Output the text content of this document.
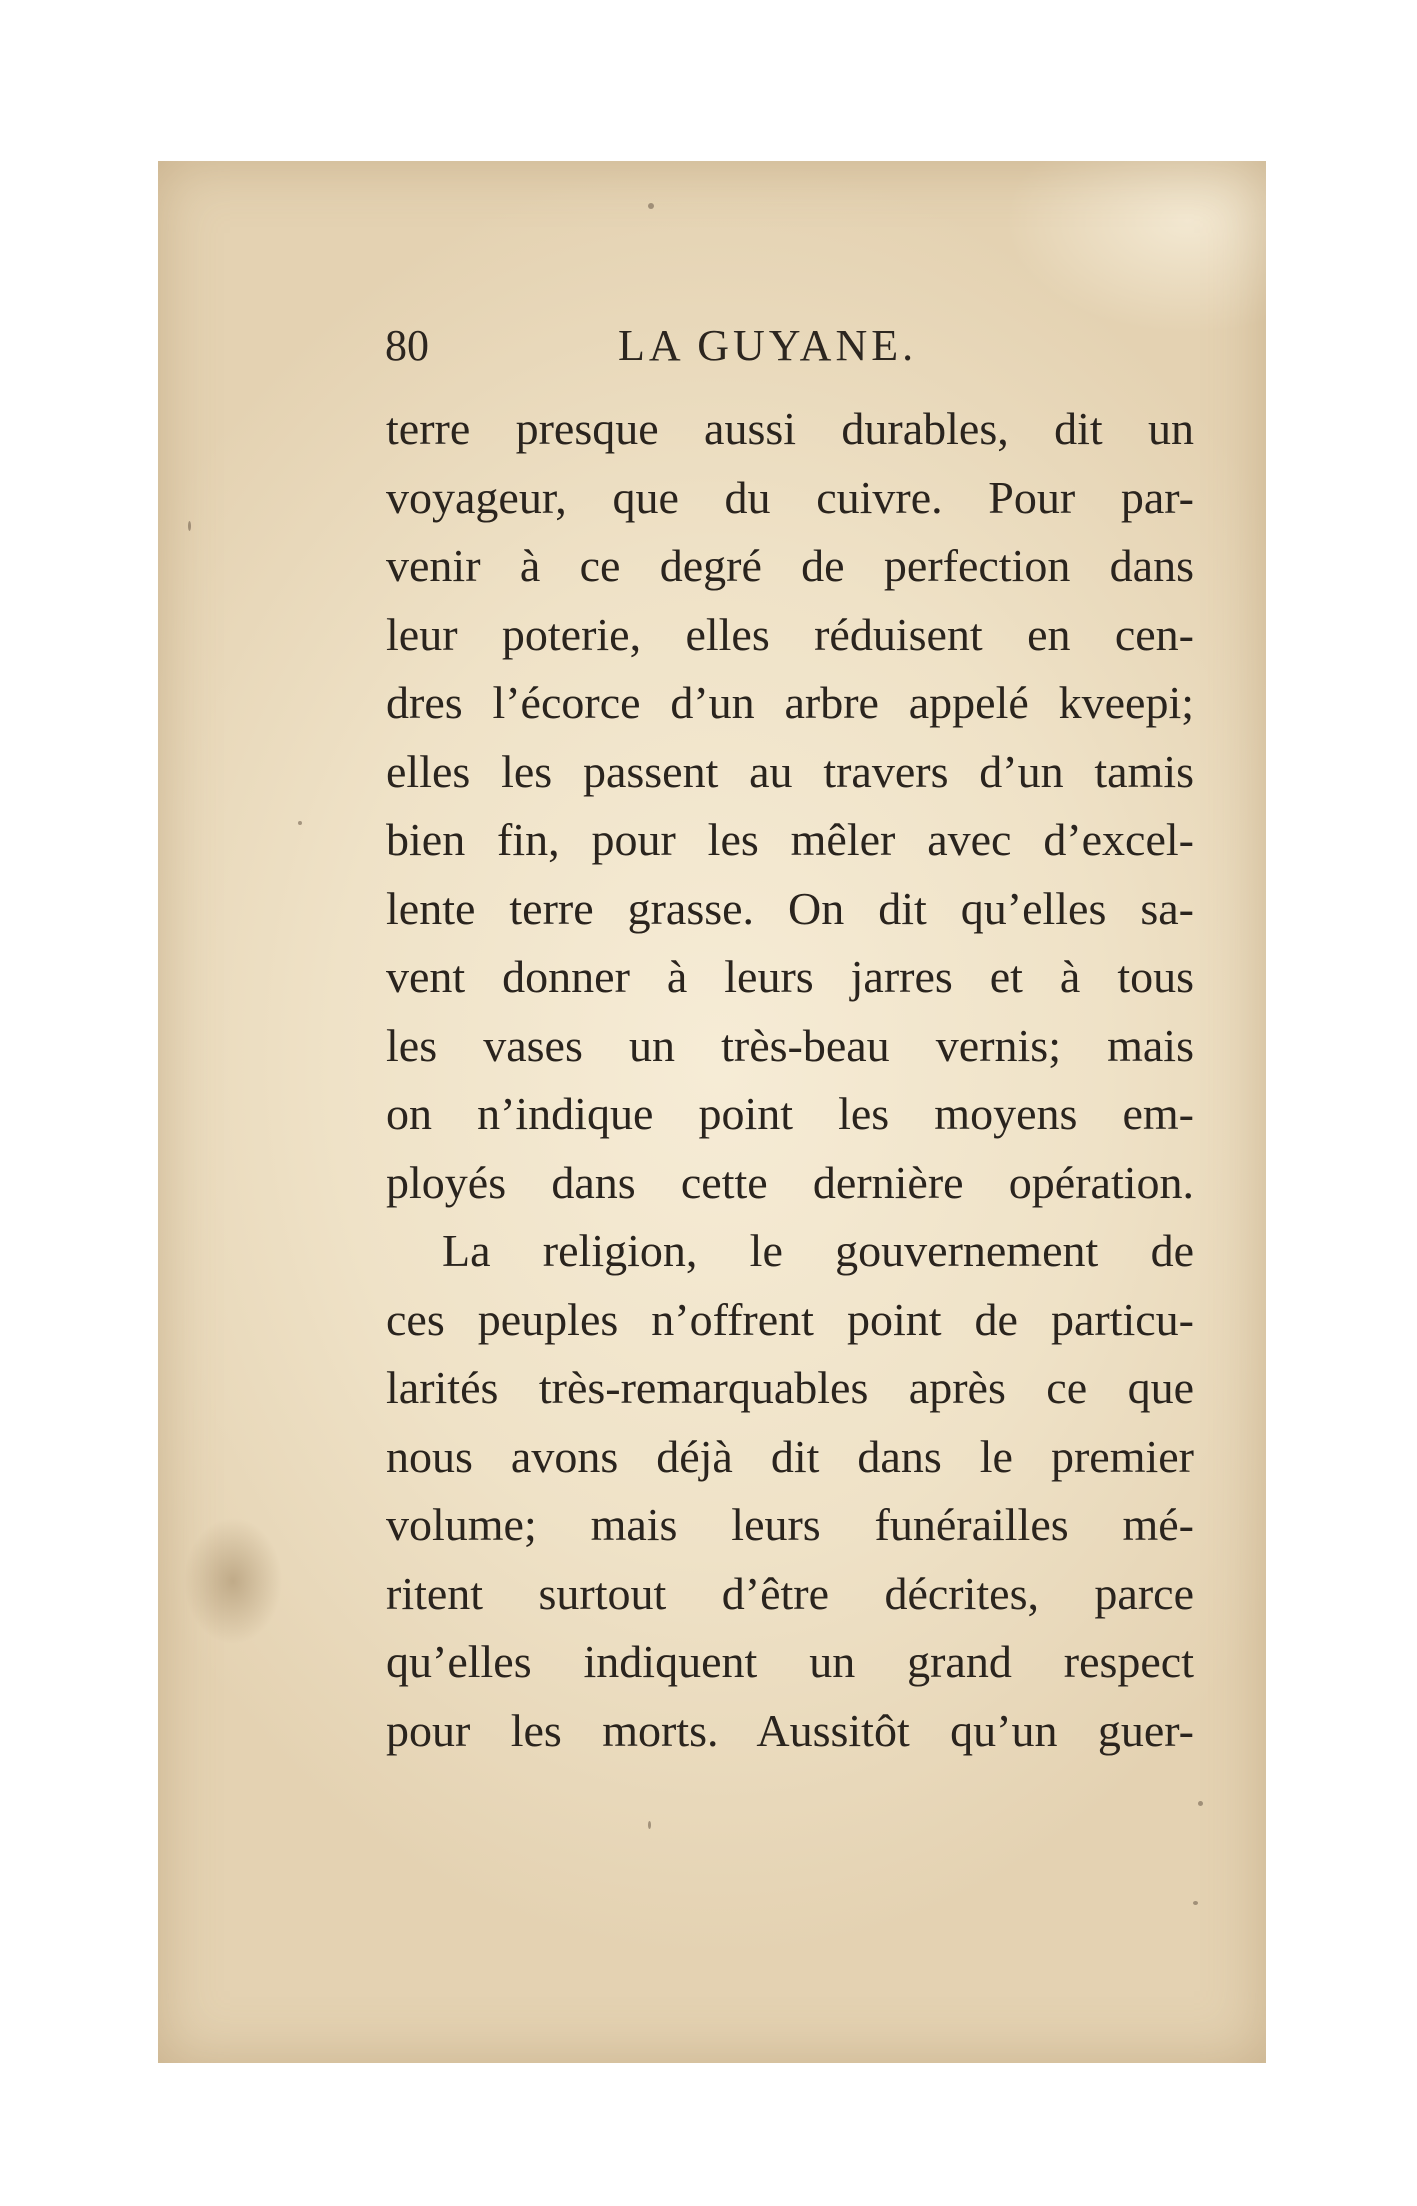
80	LA GUYANE.
terre presque aussi durables, dit un
voyageur, que du cuivre. Pour par-
venir à ce degré de perfection dans
leur poterie, elles réduisent en cen-
dres l’écorce d’un arbre appelé kveepi;
elles les passent au travers d’un tamis
bien fin, pour les mêler avec d’excel-
lente terre grasse. On dit qu’elles sa-
vent donner à leurs jarres et à tous
les vases un très-beau vernis; mais
on n’indique point les moyens em-
ployés dans cette dernière opération.
La religion, le gouvernement de
ces peuples n’offrent point de particu-
larités très-remarquables après ce que
nous avons déjà dit dans le premier
volume; mais leurs funérailles mé-
ritent surtout d’être décrites, parce
qu’elles indiquent un grand respect
pour les morts. Aussitôt qu’un guer-
